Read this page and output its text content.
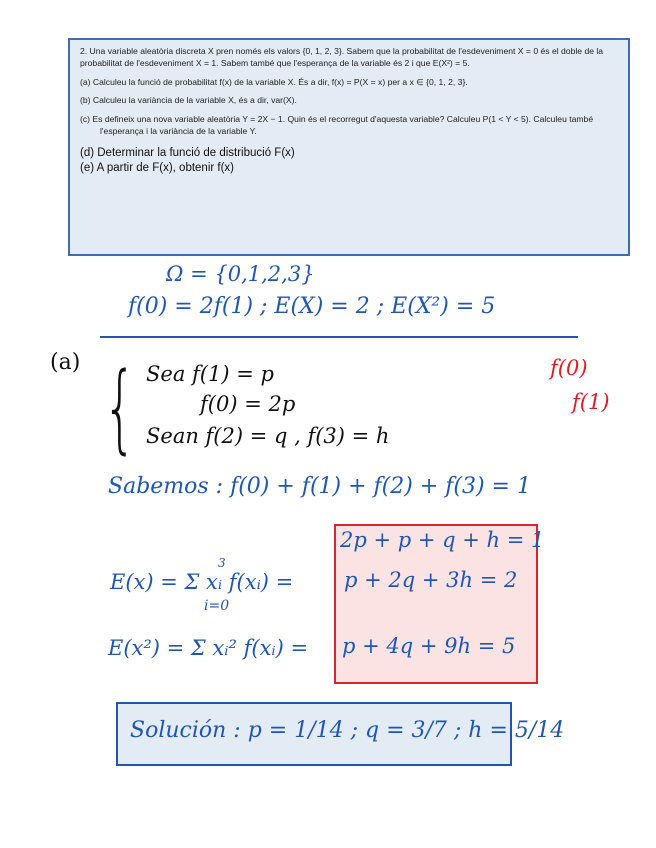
2. Una variable aleatòria discreta X pren només els valors {0, 1, 2, 3}. Sabem que la probabilitat de l'esdeveniment X = 0 és el doble de la probabilitat de l'esdeveniment X = 1. Sabem també que l'esperança de la variable és 2 i que E(X²) = 5.

(a) Calculeu la funció de probabilitat f(x) de la variable X. És a dir, f(x) = P(X = x) per a x ∈ {0, 1, 2, 3}.

(b) Calculeu la variància de la variable X, és a dir, var(X).

(c) Es defineix una nova variable aleatòria Y = 2X − 1. Quin és el recorregut d'aquesta variable? Calculeu P(1 < Y < 5). Calculeu també l'esperança i la variància de la variable Y.

(d) Determinar la funció de distribució F(x)

(e) A partir de F(x), obtenir f(x)

Ω = {0,1,2,3}
f(0) = 2f(1) ; E(X) = 2 ; E(X²) = 5
(a) { Sea f(1) = p
f(0) = 2p
Sean f(2) = q , f(3) = h
f(0)
f(1)
Sabemos : f(0) + f(1) + f(2) + f(3) = 1
2p + p + q + h = 1
p + 2q + 3h = 2
p + 4q + 9h = 5
3
E(x) = Σ xᵢ f(xᵢ) =
i=0
E(x²) = Σ xᵢ² f(xᵢ) =
Solución : p = 1/14 ; q = 3/7 ; h = 5/14
